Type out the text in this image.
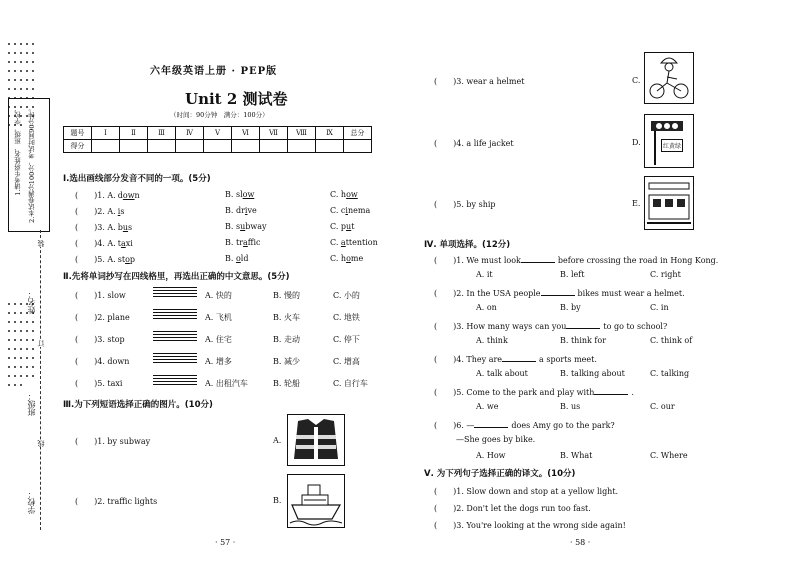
1.请考生将姓名、班级、学校、 2.本试卷满分100分，考试时间90分钟。
姓名：
班级：
学校：
装
订
线
六年级英语上册 · PEP版
Unit 2 测试卷
（时间：90分钟　满分：100分）
题号	Ⅰ	Ⅱ	Ⅲ	Ⅳ	Ⅴ	Ⅵ	Ⅶ	Ⅷ	Ⅸ	总分
得分										
Ⅰ.选出画线部分发音不同的一项。(5分)
(　　)1. A. down	B. slow	C. how
(　　)2. A. is	B. drive	C. cinema
(　　)3. A. bus	B. subway	C. put
(　　)4. A. taxi	B. traffic	C. attention
(　　)5. A. stop	B. old	C. home
Ⅱ.先将单词抄写在四线格里，再选出正确的中文意思。(5分)
(　　)1. slow	A. 快的	B. 慢的	C. 小的
(　　)2. plane	A. 飞机	B. 火车	C. 地铁
(　　)3. stop	A. 住宅	B. 走动	C. 停下
(　　)4. down	A. 增多	B. 减少	C. 增高
(　　)5. taxi	A. 出租汽车	B. 轮船	C. 自行车
Ⅲ.为下列短语选择正确的图片。(10分)
(　　)1. by subway	A.
(　　)2. traffic lights	B.
· 57 ·
(　　)3. wear a helmet	C.
(　　)4. a life jacket	D.	红黄绿
(　　)5. by ship	E.
Ⅳ. 单项选择。(12分)
(　　)1. We must look	before crossing the road in Hong Kong.
A. it	B. left	C. right
(　　)2. In the USA people	bikes must wear a helmet.
A. on	B. by	C. in
(　　)3. How many ways can you	to go to school?
A. think	B. think for	C. think of
(　　)4. They are	a sports meet.
A. talk about	B. talking about	C. talking
(　　)5. Come to the park and play with	.
A. we	B. us	C. our
(　　)6. —	does Amy go to the park?
—She goes by bike.
A. How	B. What	C. Where
Ⅴ. 为下列句子选择正确的译文。(10分)
(　　)1. Slow down and stop at a yellow light.
(　　)2. Don't let the dogs run too fast.
(　　)3. You're looking at the wrong side again!
· 58 ·
